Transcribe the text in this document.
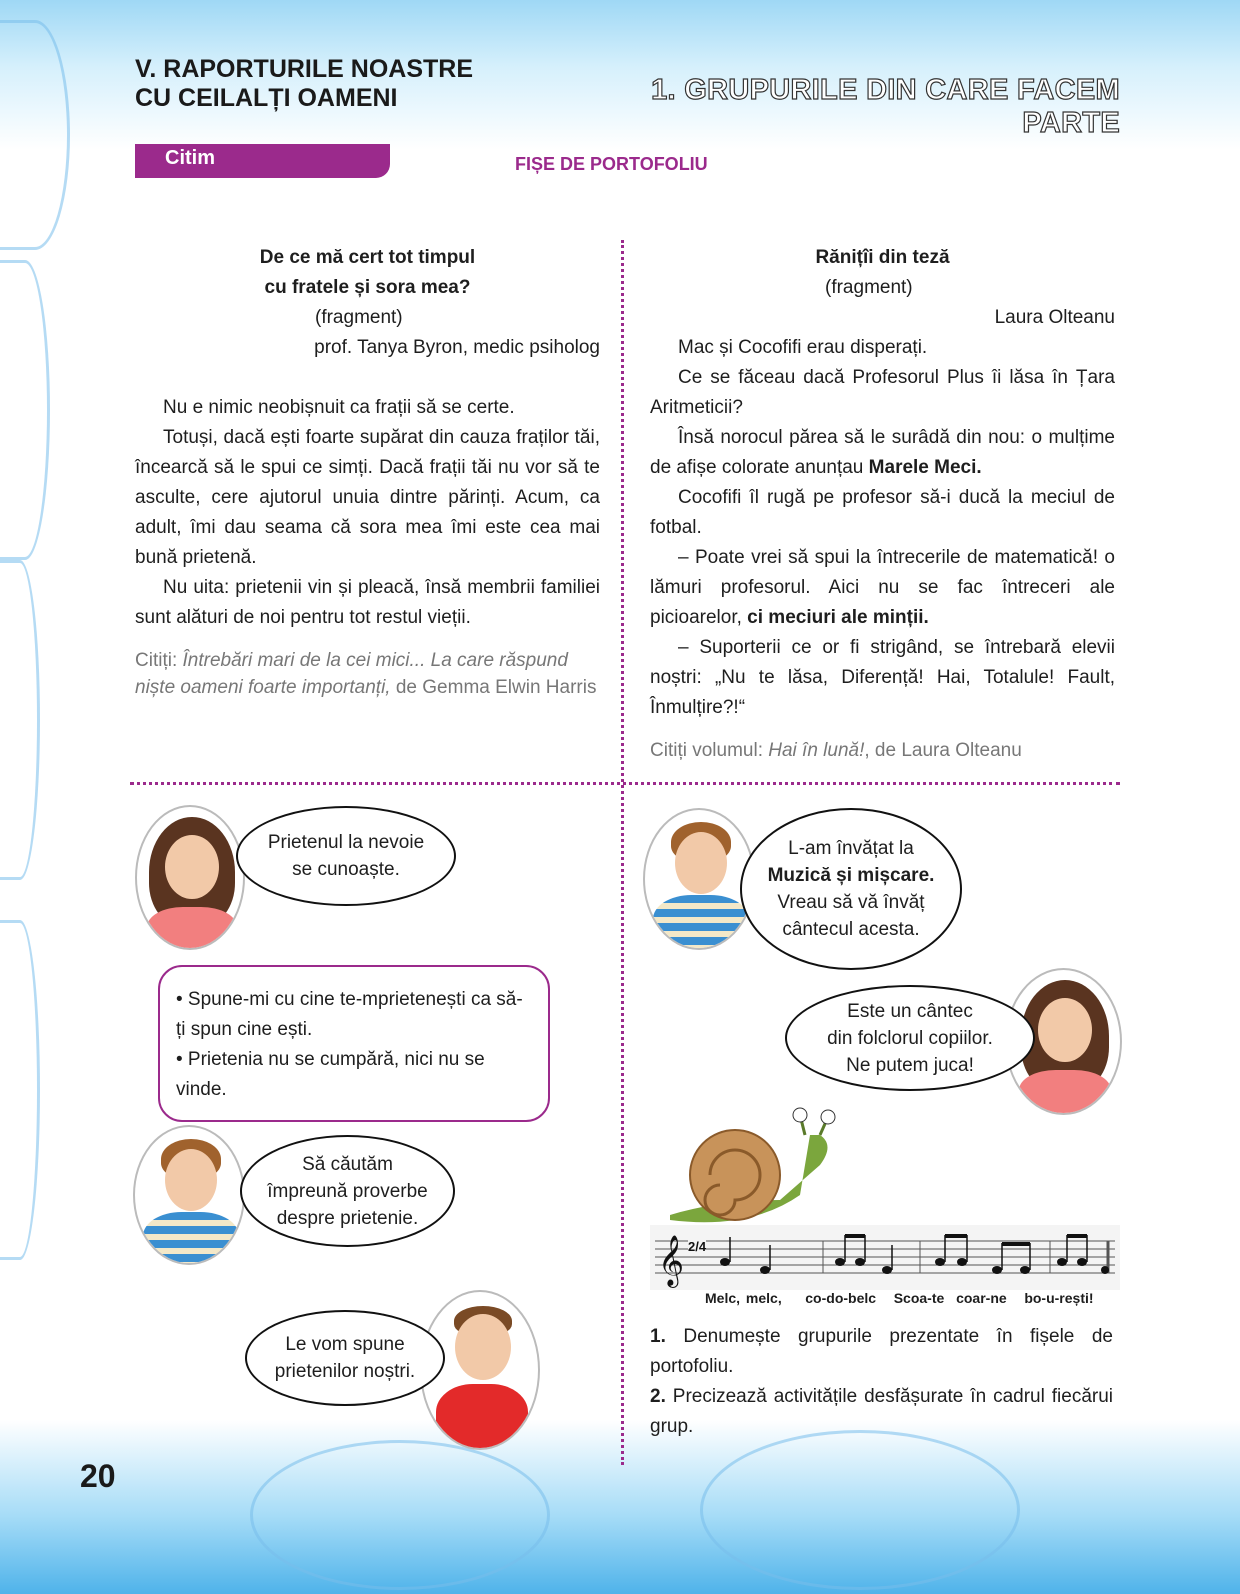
V. RAPORTURILE NOASTRE
CU CEILALȚI OAMENI	1. GRUPURILE DIN CARE FACEM PARTE
Citim	FIȘE DE PORTOFOLIU
De ce mă cert tot timpul
cu fratele și sora mea?
(fragment)
prof. Tanya Byron, medic psiholog

Nu e nimic neobișnuit ca frații să se certe.

Totuși, dacă ești foarte supărat din cauza fraților tăi, încearcă să le spui ce simți. Dacă frații tăi nu vor să te asculte, cere ajutorul unuia dintre părinți. Acum, ca adult, îmi dau seama că sora mea îmi este cea mai bună prietenă.

Nu uita: prietenii vin și pleacă, însă membrii familiei sunt alături de noi pentru tot restul vieții.

Citiți: Întrebări mari de la cei mici... La care răspund niște oameni foarte importanți, de Gemma Elwin Harris
Rănițîi din teză
(fragment)
Laura Olteanu

Mac și Cocofifi erau disperați.

Ce se făceau dacă Profesorul Plus îi lăsa în Țara Aritmeticii?

Însă norocul părea să le surâdă din nou: o mulțime de afișe colorate anunțau Marele Meci.

Cocofifi îl rugă pe profesor să-i ducă la meciul de fotbal.

– Poate vrei să spui la întrecerile de matematică! o lămuri profesorul. Aici nu se fac întreceri ale picioarelor, ci meciuri ale minții.

– Suporterii ce or fi strigând, se întrebară elevii noștri: „Nu te lăsa, Diferență! Hai, Totalule! Fault, Înmulțire?!“

Citiți volumul: Hai în lună!, de Laura Olteanu
Prietenul la nevoie
se cunoaște.
• Spune-mi cu cine te-mprietenești ca să-ți spun cine ești.
• Prietenia nu se cumpără, nici nu se vinde.
Să căutăm
împreună proverbe
despre prietenie.
Le vom spune
prietenilor noștri.
L-am învățat la
Muzică și mișcare.
Vreau să vă învăț
cântecul acesta.
Este un cântec
din folclorul copiilor.
Ne putem juca!
𝄞 2/4
Melc, melc, co-do-belc Scoa-te coar-ne bo-u-rești!
1. Denumește grupurile prezentate în fișele de portofoliu.
2. Precizează activitățile desfășurate în cadrul fiecărui grup.
20
